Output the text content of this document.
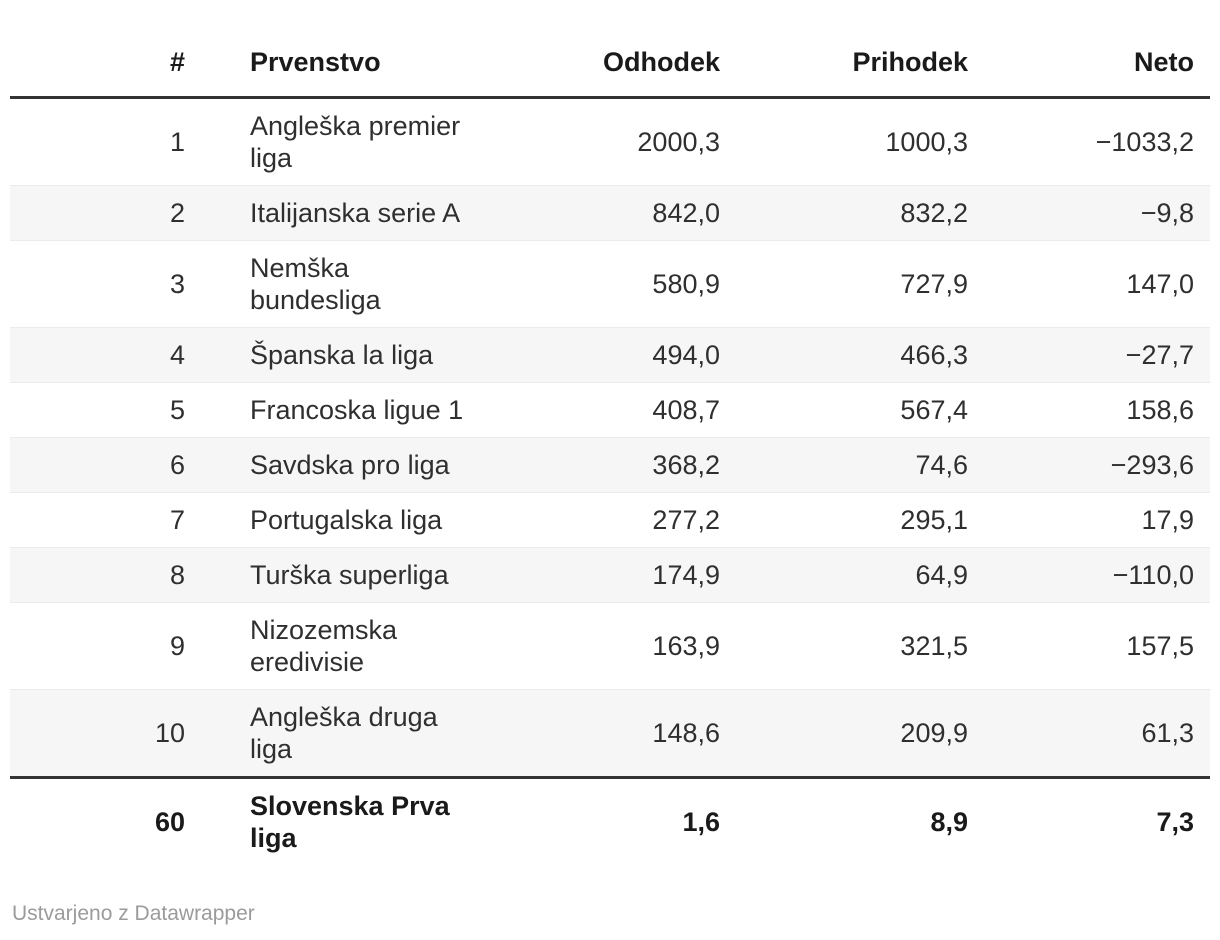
#	Prvenstvo	Odhodek	Prihodek	Neto
1	Angleška premier liga	2000,3	1000,3	−1033,2
2	Italijanska serie A	842,0	832,2	−9,8
3	Nemška bundesliga	580,9	727,9	147,0
4	Španska la liga	494,0	466,3	−27,7
5	Francoska ligue 1	408,7	567,4	158,6
6	Savdska pro liga	368,2	74,6	−293,6
7	Portugalska liga	277,2	295,1	17,9
8	Turška superliga	174,9	64,9	−110,0
9	Nizozemska eredivisie	163,9	321,5	157,5
10	Angleška druga liga	148,6	209,9	61,3
60	Slovenska Prva liga	1,6	8,9	7,3
Ustvarjeno z Datawrapper
